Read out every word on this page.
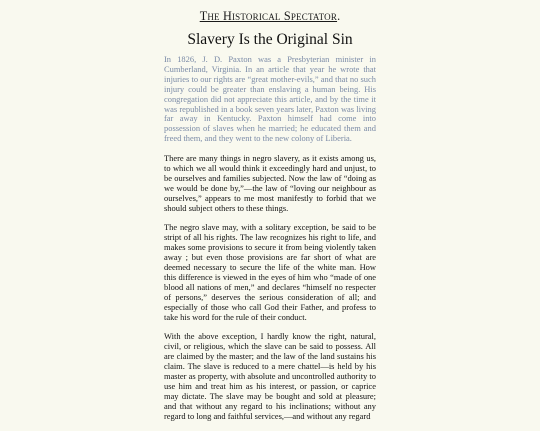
The Historical Spectator.
Slavery Is the Original Sin

In 1826, J. D. Paxton was a Presbyterian minister in Cumberland, Virginia. In an article that year he wrote that injuries to our rights are “great mother-evils,” and that no such injury could be greater than enslaving a human being. His congregation did not appreciate this article, and by the time it was republished in a book seven years later, Paxton was living far away in Kentucky. Paxton himself had come into possession of slaves when he married; he educated them and freed them, and they went to the new colony of Liberia.

There are many things in negro slavery, as it exists among us, to which we all would think it exceedingly hard and unjust, to be ourselves and families subjected. Now the law of “doing as we would be done by,”—the law of “loving our neighbour as ourselves,” appears to me most manifestly to forbid that we should subject others to these things.

The negro slave may, with a solitary exception, be said to be stript of all his rights. The law recognizes his right to life, and makes some provisions to secure it from being violently taken away ; but even those provisions are far short of what are deemed necessary to secure the life of the white man. How this difference is viewed in the eyes of him who “made of one blood all nations of men,” and declares “himself no respecter of persons,” deserves the serious consideration of all; and especially of those who call God their Father, and profess to take his word for the rule of their conduct.

With the above exception, I hardly know the right, natural, civil, or religious, which the slave can be said to possess. All are claimed by the master; and the law of the land sustains his claim. The slave is reduced to a mere chattel—is held by his master as property, with absolute and uncontrolled authority to use him and treat him as his interest, or passion, or caprice may dictate. The slave may be bought and sold at pleasure; and that without any regard to his inclinations; without any regard to long and faithful services,—and without any regard
